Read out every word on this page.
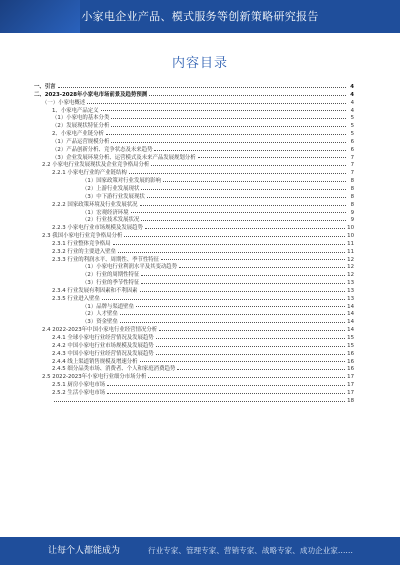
小家电企业产品、模式服务等创新策略研究报告
内容目录
一、引言	4
二、2023-2028年小家电市场前景及趋势预测	4
（一）小家电概述	4
1、小家电产品定义	4
（1）小家电的基本分类	5
（2）发展现状特征分析	5
2、小家电产业链分析	5
（1）产品运营规模分析	6
（2）产品创新分析、竞争状态及未来趋势	6
（3）企业发展环境分析、运营模式及未来产品发展规划分析	7
2.2 小家电行业发展现状及企业竞争格局分析	7
2.2.1 小家电行业的产业链结构	7
（1）国家政策对行业发展的影响	8
（2）上游行业发展现状	8
（3）中下游行业发展现状	8
2.2.2 国家政策环境及行业发展状况	8
（1）宏观经济环境	9
（2）行业技术发展状况	9
2.2.3 小家电行业市场规模及发展趋势	10
2.3 我国小家电行业竞争格局分析	10
2.3.1 行业整体竞争格局	11
2.3.2 行业的主要进入壁垒	11
2.3.3 行业的利润水平、周期性、季节性特征	12
（1）小家电行业利润水平及其变动趋势	12
（2）行业的周期性特征	12
（3）行业的季节性特征	13
2.3.4 行业发展有利因素和不利因素	13
2.3.5 行业进入壁垒	13
（1）品牌与渠道壁垒	14
（2）人才壁垒	14
（3）资金壁垒	14
2.4 2022-2023年中国小家电行业经营情况分析	14
2.4.1 全球小家电行业经营情况及发展趋势	15
2.4.2 中国小家电行业市场规模及发展趋势	15
2.4.3 中国小家电行业经营情况及发展趋势	16
2.4.4 线上渠道销售规模及增速分析	16
2.4.5 细分品类市场、消费者、个人和家庭消费趋势	16
2.5 2022-2023年小家电行业细分市场分析	17
2.5.1 厨房小家电市场	17
2.5.2 生活小家电市场	17
18
让每个人都能成为	行业专家、管理专家、营销专家、战略专家、成功企业家……
